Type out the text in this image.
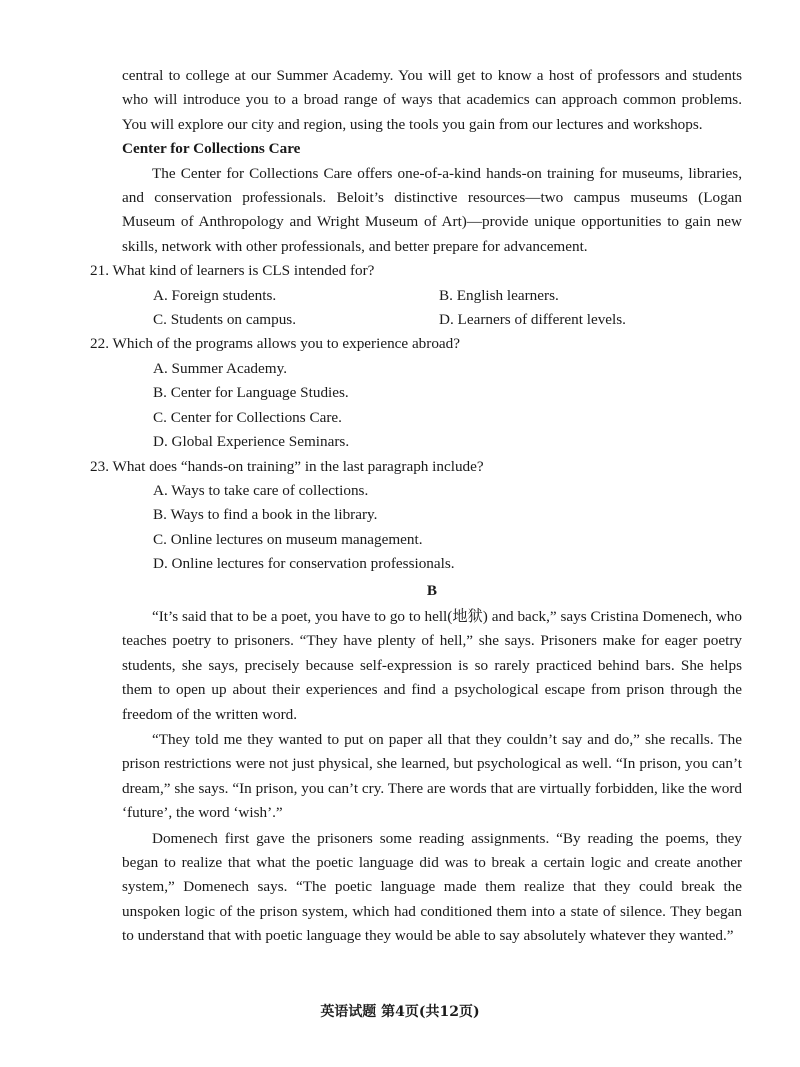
central to college at our Summer Academy. You will get to know a host of professors and students who will introduce you to a broad range of ways that academics can approach common problems. You will explore our city and region, using the tools you gain from our lectures and workshops.

Center for Collections Care

The Center for Collections Care offers one-of-a-kind hands-on training for museums, libraries, and conservation professionals. Beloit’s distinctive resources—two campus museums (Logan Museum of Anthropology and Wright Museum of Art)—provide unique opportunities to gain new skills, network with other professionals, and better prepare for advancement.

21. What kind of learners is CLS intended for?

A. Foreign students.	B. English learners.
C. Students on campus.	D. Learners of different levels.

22. Which of the programs allows you to experience abroad?

A. Summer Academy.
B. Center for Language Studies.
C. Center for Collections Care.
D. Global Experience Seminars.

23. What does “hands-on training” in the last paragraph include?

A. Ways to take care of collections.
B. Ways to find a book in the library.
C. Online lectures on museum management.
D. Online lectures for conservation professionals.

B

“It’s said that to be a poet, you have to go to hell(地狱) and back,” says Cristina Domenech, who teaches poetry to prisoners. “They have plenty of hell,” she says. Prisoners make for eager poetry students, she says, precisely because self-expression is so rarely practiced behind bars. She helps them to open up about their experiences and find a psychological escape from prison through the freedom of the written word.

“They told me they wanted to put on paper all that they couldn’t say and do,” she recalls. The prison restrictions were not just physical, she learned, but psychological as well. “In prison, you can’t dream,” she says. “In prison, you can’t cry. There are words that are virtually forbidden, like the word ‘future’, the word ‘wish’.”

Domenech first gave the prisoners some reading assignments. “By reading the poems, they began to realize that what the poetic language did was to break a certain logic and create another system,” Domenech says. “The poetic language made them realize that they could break the unspoken logic of the prison system, which had conditioned them into a state of silence. They began to understand that with poetic language they would be able to say absolutely whatever they wanted.”

英语试题 第4页(共12页)
